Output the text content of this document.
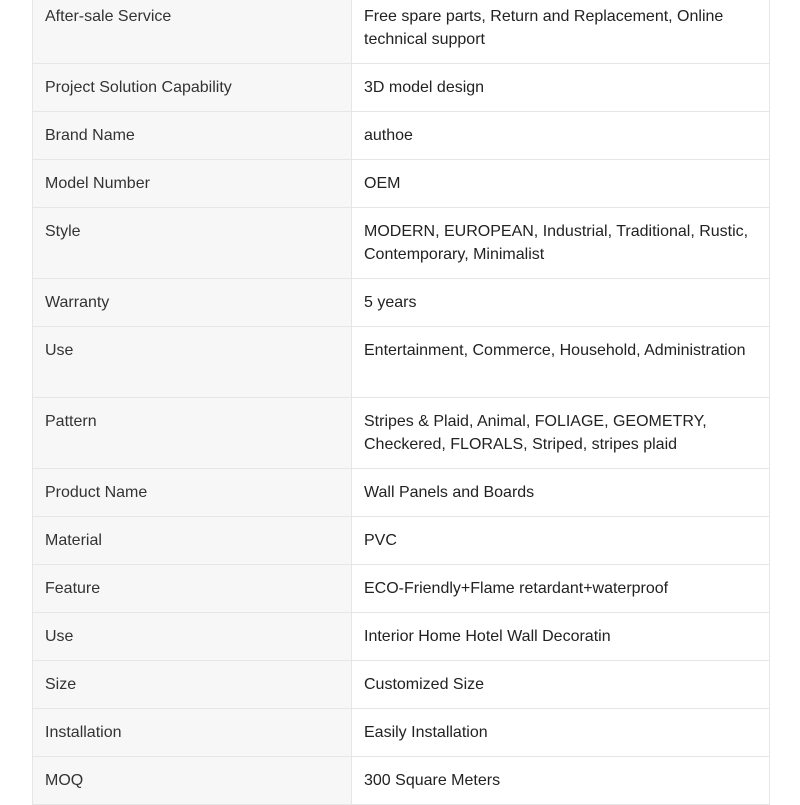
After-sale Service	Free spare parts, Return and Replacement, Online technical support
Project Solution Capability	3D model design
Brand Name	authoe
Model Number	OEM
Style	MODERN, EUROPEAN, Industrial, Traditional, Rustic, Contemporary, Minimalist
Warranty	5 years
Use	Entertainment, Commerce, Household, Administration
Pattern	Stripes & Plaid, Animal, FOLIAGE, GEOMETRY, Checkered, FLORALS, Striped, stripes plaid
Product Name	Wall Panels and Boards
Material	PVC
Feature	ECO-Friendly+Flame retardant+waterproof
Use	Interior Home Hotel Wall Decoratin
Size	Customized Size
Installation	Easily Installation
MOQ	300 Square Meters
